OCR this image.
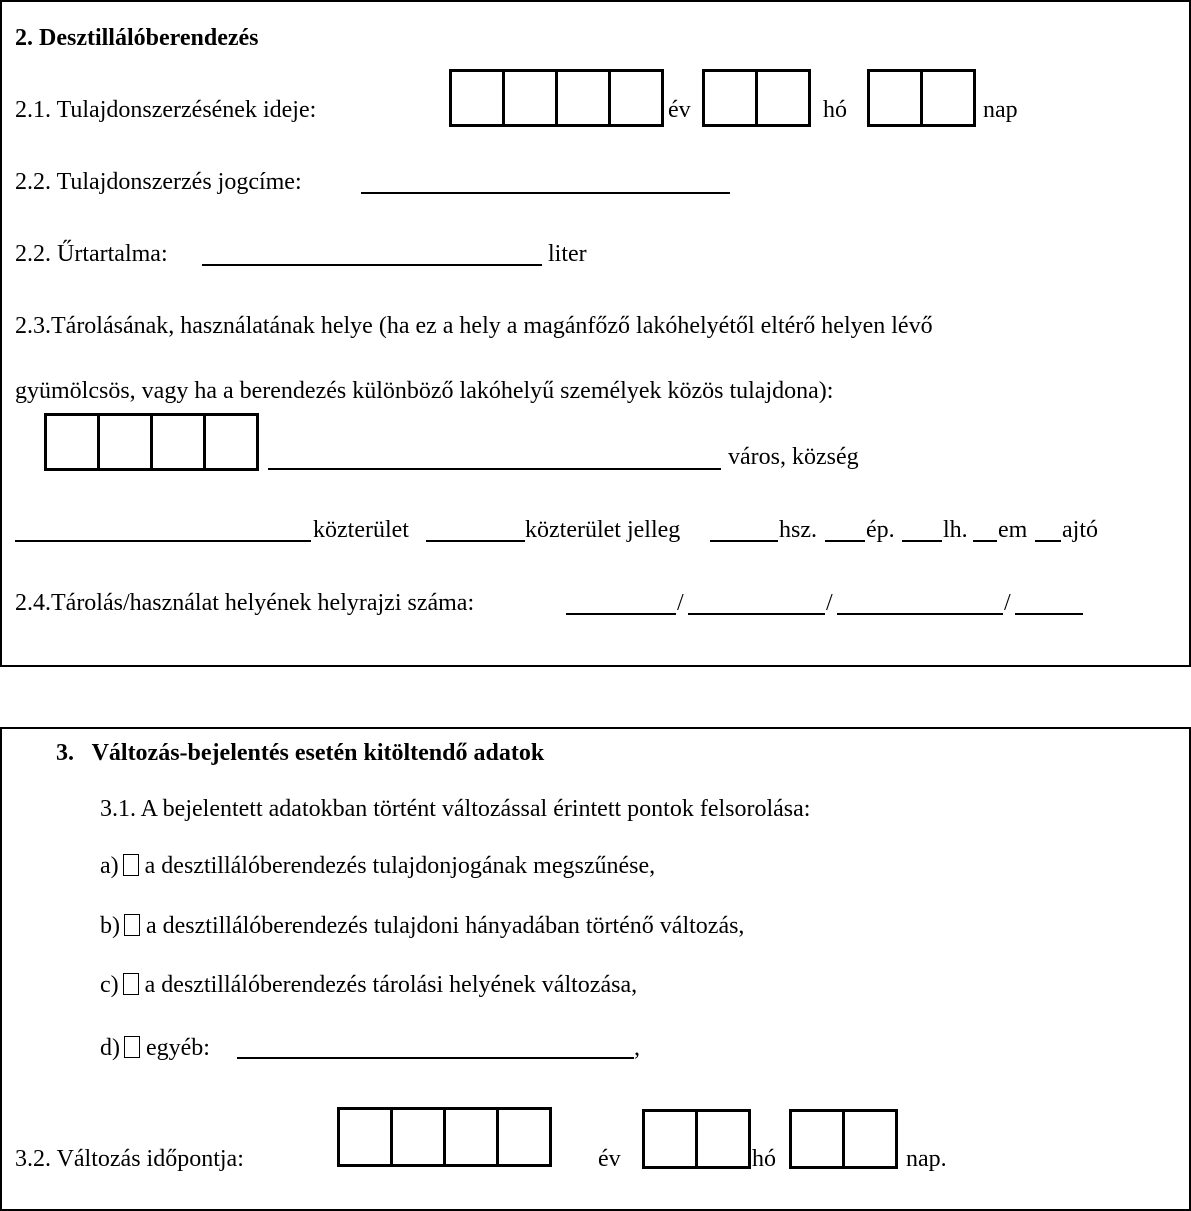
2. Desztillálóberendezés
2.1. Tulajdonszerzésének ideje:	év	hó	nap
2.2. Tulajdonszerzés jogcíme:
2.2. Űrtartalma:	liter
2.3.Tárolásának, használatának helye (ha ez a hely a magánfőző lakóhelyétől eltérő helyen lévő
gyümölcsös, vagy ha a berendezés különböző lakóhelyű személyek közös tulajdona):
város, község
közterület	közterület jelleg	hsz. ép. lh. em ajtó
2.4.Tárolás/használat helyének helyrajzi száma:	/	/	/
3.   Változás-bejelentés esetén kitöltendő adatok
3.1. A bejelentett adatokban történt változással érintett pontok felsorolása:
a) a desztillálóberendezés tulajdonjogának megszűnése,
b) a desztillálóberendezés tulajdoni hányadában történő változás,
c) a desztillálóberendezés tárolási helyének változása,
d) egyéb:	,
3.2. Változás időpontja:	év	hó	nap.
